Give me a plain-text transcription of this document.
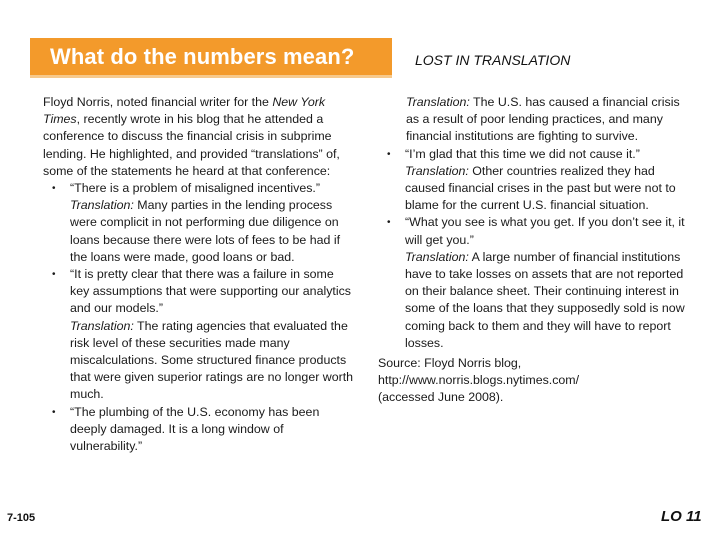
What do the numbers mean?	LOST IN TRANSLATION

Floyd Norris, noted financial writer for the New York Times, recently wrote in his blog that he attended a conference to discuss the financial crisis in subprime lending. He highlighted, and provided “translations” of, some of the statements he heard at that conference:

• “There is a problem of misaligned incentives.”
Translation: Many parties in the lending process were complicit in not performing due diligence on loans because there were lots of fees to be had if the loans were made, good loans or bad.
• “It is pretty clear that there was a failure in some key assumptions that were supporting our analytics and our models.”
Translation: The rating agencies that evaluated the risk level of these securities made many miscalculations. Some structured finance products that were given superior ratings are no longer worth much.
• “The plumbing of the U.S. economy has been deeply damaged. It is a long window of vulnerability.”

Translation: The U.S. has caused a financial crisis as a result of poor lending practices, and many financial institutions are fighting to survive.

• “I’m glad that this time we did not cause it.”
Translation: Other countries realized they had caused financial crises in the past but were not to blame for the current U.S. financial situation.
• “What you see is what you get. If you don’t see it, it will get you.”
Translation: A large number of financial institutions have to take losses on assets that are not reported on their balance sheet. Their continuing interest in some of the loans that they supposedly sold is now coming back to them and they will have to report losses.

Source: Floyd Norris blog,
http://www.norris.blogs.nytimes.com/
(accessed June 2008).

7-105	LO 11
